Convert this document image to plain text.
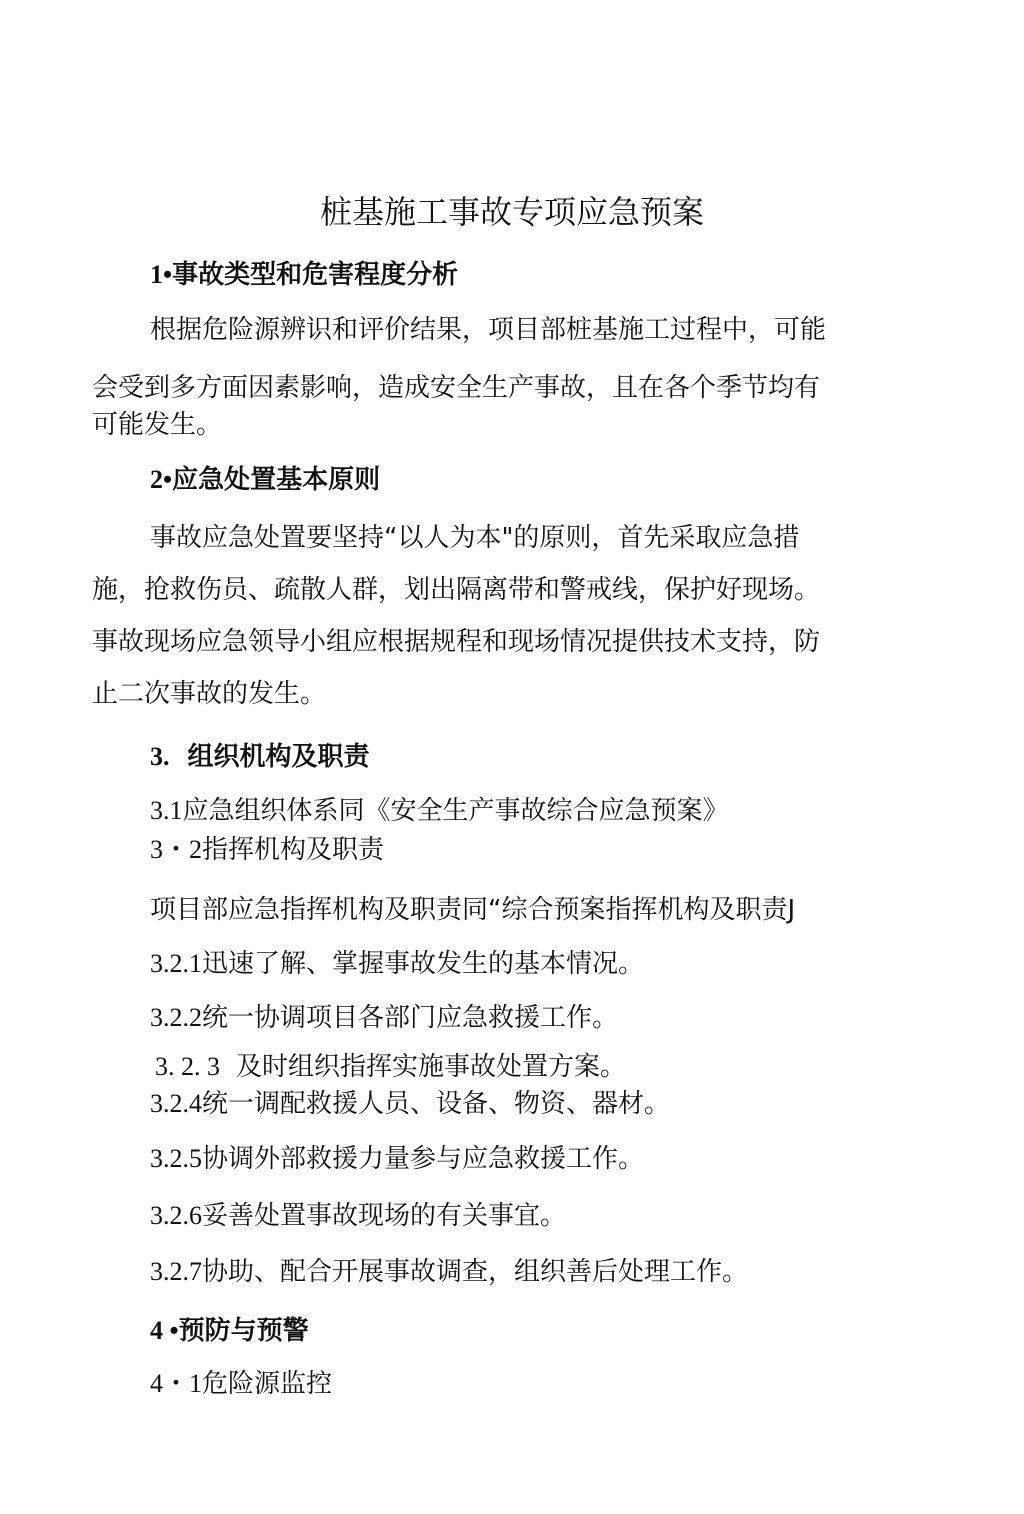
桩基施工事故专项应急预案
1•事故类型和危害程度分析
根据危险源辨识和评价结果，项目部桩基施工过程中，可能
会受到多方面因素影响，造成安全生产事故，且在各个季节均有
可能发生。
2•应急处置基本原则
事故应急处置要坚持“以人为本"的原则，首先采取应急措
施，抢救伤员、疏散人群，划出隔离带和警戒线，保护好现场。
事故现场应急领导小组应根据规程和现场情况提供技术支持，防
止二次事故的发生。
3. 组织机构及职责
3.1应急组织体系同《安全生产事故综合应急预案》
3・2指挥机构及职责
项目部应急指挥机构及职责同“综合预案指挥机构及职责J
3.2.1迅速了解、掌握事故发生的基本情况。
3.2.2统一协调项目各部门应急救援工作。
3. 2. 3 及时组织指挥实施事故处置方案。
3.2.4统一调配救援人员、设备、物资、器材。
3.2.5协调外部救援力量参与应急救援工作。
3.2.6妥善处置事故现场的有关事宜。
3.2.7协助、配合开展事故调查，组织善后处理工作。
4 •预防与预警
4・1危险源监控
